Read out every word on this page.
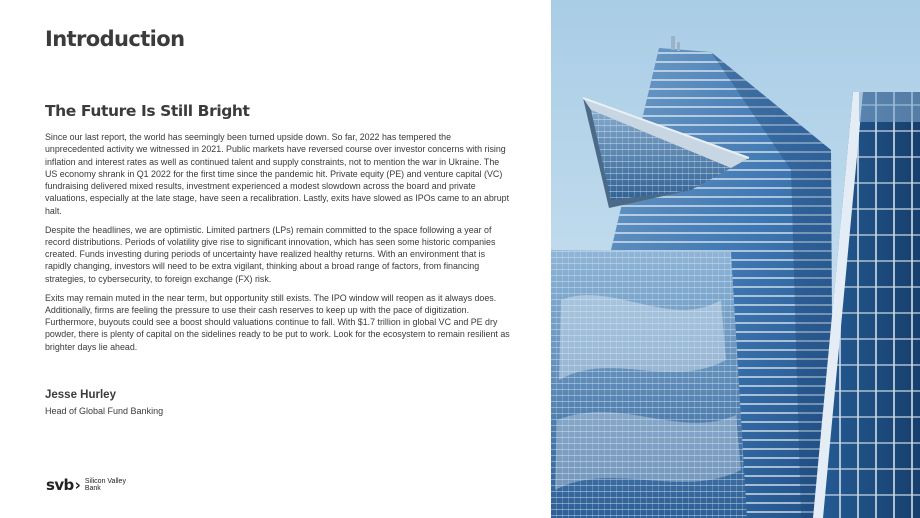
Introduction
The Future Is Still Bright

Since our last report, the world has seemingly been turned upside down. So far, 2022 has tempered the unprecedented activity we witnessed in 2021. Public markets have reversed course over investor concerns with rising inflation and interest rates as well as continued talent and supply constraints, not to mention the war in Ukraine. The US economy shrank in Q1 2022 for the first time since the pandemic hit. Private equity (PE) and venture capital (VC) fundraising delivered mixed results, investment experienced a modest slowdown across the board and private valuations, especially at the late stage, have seen a recalibration. Lastly, exits have slowed as IPOs came to an abrupt halt.

Despite the headlines, we are optimistic. Limited partners (LPs) remain committed to the space following a year of record distributions. Periods of volatility give rise to significant innovation, which has seen some historic companies created. Funds investing during periods of uncertainty have realized healthy returns. With an environment that is rapidly changing, investors will need to be extra vigilant, thinking about a broad range of factors, from financing strategies, to cybersecurity, to foreign exchange (FX) risk.

Exits may remain muted in the near term, but opportunity still exists. The IPO window will reopen as it always does. Additionally, firms are feeling the pressure to use their cash reserves to keep up with the pace of digitization. Furthermore, buyouts could see a boost should valuations continue to fall. With $1.7 trillion in global VC and PE dry powder, there is plenty of capital on the sidelines ready to be put to work. Look for the ecosystem to remain resilient as brighter days lie ahead.

Jesse Hurley

Head of Global Fund Banking

svb › Silicon Valley
Bank
